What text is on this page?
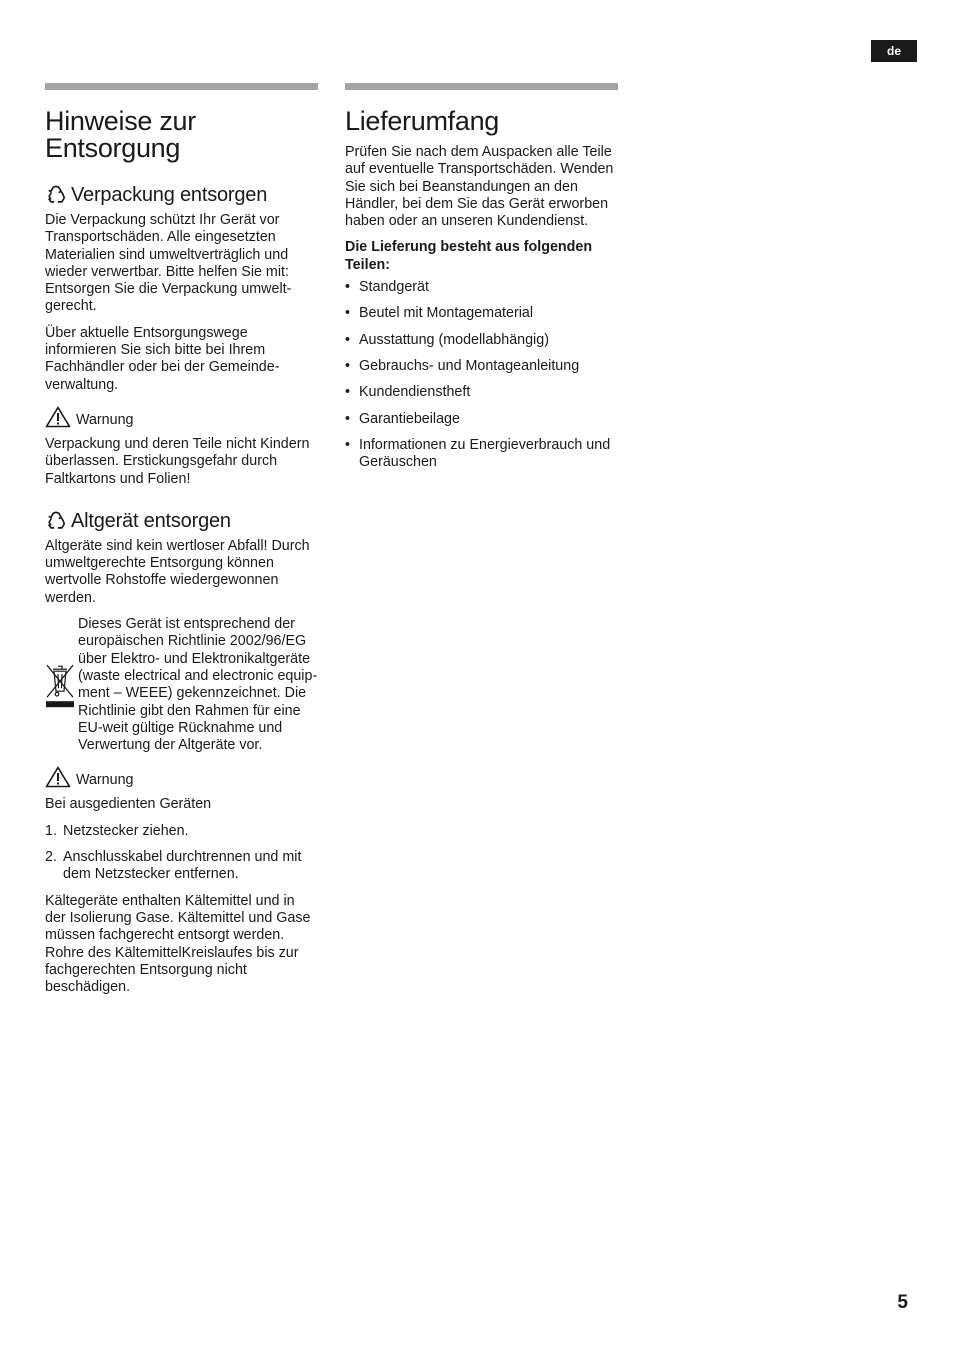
de
Hinweise zur
Entsorgung
Verpackung entsorgen

Die Verpackung schützt Ihr Gerät vor Transportschäden. Alle eingesetzten Materialien sind umweltverträglich und wieder verwertbar. Bitte helfen Sie mit: Entsorgen Sie die Verpackung umweltgerecht.

Über aktuelle Entsorgungswege informieren Sie sich bitte bei Ihrem Fachhändler oder bei der Gemeindeverwaltung.

Warnung

Verpackung und deren Teile nicht Kindern überlassen. Erstickungsgefahr durch Faltkartons und Folien!

Altgerät entsorgen

Altgeräte sind kein wertloser Abfall! Durch umweltgerechte Entsorgung können wertvolle Rohstoffe wiedergewonnen werden.

Dieses Gerät ist entsprechend der europäischen Richtlinie 2002/96/EG über Elektro- und Elektronikaltgeräte (waste electrical and electronic equipment – WEEE) gekennzeichnet. Die Richtlinie gibt den Rahmen für eine EU-weit gültige Rücknahme und Verwertung der Altgeräte vor.

Warnung

Bei ausgedienten Geräten

1. Netzstecker ziehen.
2. Anschlusskabel durchtrennen und mit dem Netzstecker entfernen.

Kältegeräte enthalten Kältemittel und in der Isolierung Gase. Kältemittel und Gase müssen fachgerecht entsorgt werden. Rohre des KältemittelKreislaufes bis zur fachgerechten Entsorgung nicht beschädigen.

Lieferumfang

Prüfen Sie nach dem Auspacken alle Teile auf eventuelle Transportschäden. Wenden Sie sich bei Beanstandungen an den Händler, bei dem Sie das Gerät erworben haben oder an unseren Kundendienst.

Die Lieferung besteht aus folgenden Teilen:

• Standgerät
• Beutel mit Montagematerial
• Ausstattung (modellabhängig)
• Gebrauchs- und Montageanleitung
• Kundendienstheft
• Garantiebeilage
• Informationen zu Energieverbrauch und Geräuschen
5
